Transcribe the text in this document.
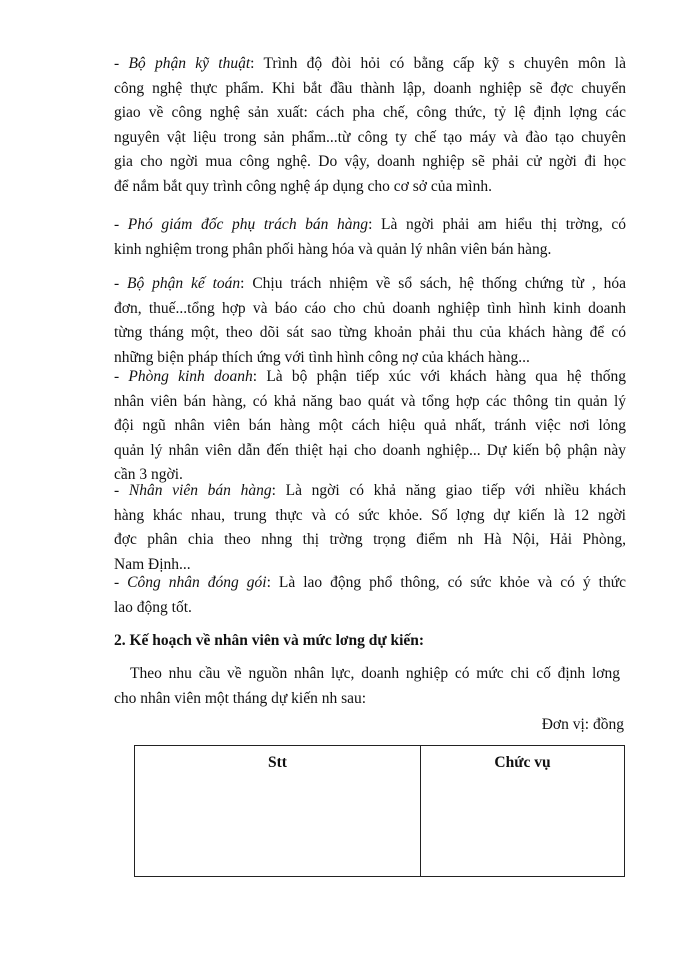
- Bộ phận kỹ thuật: Trình độ đòi hỏi có bằng cấp kỹ s chuyên môn là
công nghệ thực phẩm. Khi bắt đầu thành lập, doanh nghiệp sẽ đợc chuyển
giao về công nghệ sản xuất: cách pha chế, công thức, tỷ lệ định lợng các
nguyên vật liệu trong sản phẩm...từ công ty chế tạo máy và đào tạo chuyên
gia cho ngời mua công nghệ. Do vậy, doanh nghiệp sẽ phải cử ngời đi học
để nắm bắt quy trình công nghệ áp dụng cho cơ sở của mình.
- Phó giám đốc phụ trách bán hàng: Là ngời phải am hiểu thị trờng, có
kinh nghiệm trong phân phối hàng hóa và quản lý nhân viên bán hàng.
- Bộ phận kế toán: Chịu trách nhiệm về sổ sách, hệ thống chứng từ , hóa
đơn, thuế...tổng hợp và báo cáo cho chủ doanh nghiệp tình hình kinh doanh
từng tháng một, theo dõi sát sao từng khoản phải thu của khách hàng để có
những biện pháp thích ứng với tình hình công nợ của khách hàng...
- Phòng kinh doanh: Là bộ phận tiếp xúc với khách hàng qua hệ thống
nhân viên bán hàng, có khả năng bao quát và tổng hợp các thông tin quản lý
đội ngũ nhân viên bán hàng một cách hiệu quả nhất, tránh việc nơi lỏng
quản lý nhân viên dẫn đến thiệt hại cho doanh nghiệp... Dự kiến bộ phận này
cần 3 ngời.
- Nhân viên bán hàng: Là ngời có khả năng giao tiếp với nhiều khách
hàng khác nhau, trung thực và có sức khỏe. Số lợng dự kiến là 12 ngời
đợc phân chia theo nhng thị trờng trọng điểm nh Hà Nội, Hải Phòng,
Nam Định...
- Công nhân đóng gói: Là lao động phổ thông, có sức khỏe và có ý thức
lao động tốt.
2. Kế hoạch về nhân viên và mức lơng dự kiến:
Theo nhu cầu về nguồn nhân lực, doanh nghiệp có mức chi cố định lơng
cho nhân viên một tháng dự kiến nh sau:
Đơn vị: đồng
Stt	Chức vụ
